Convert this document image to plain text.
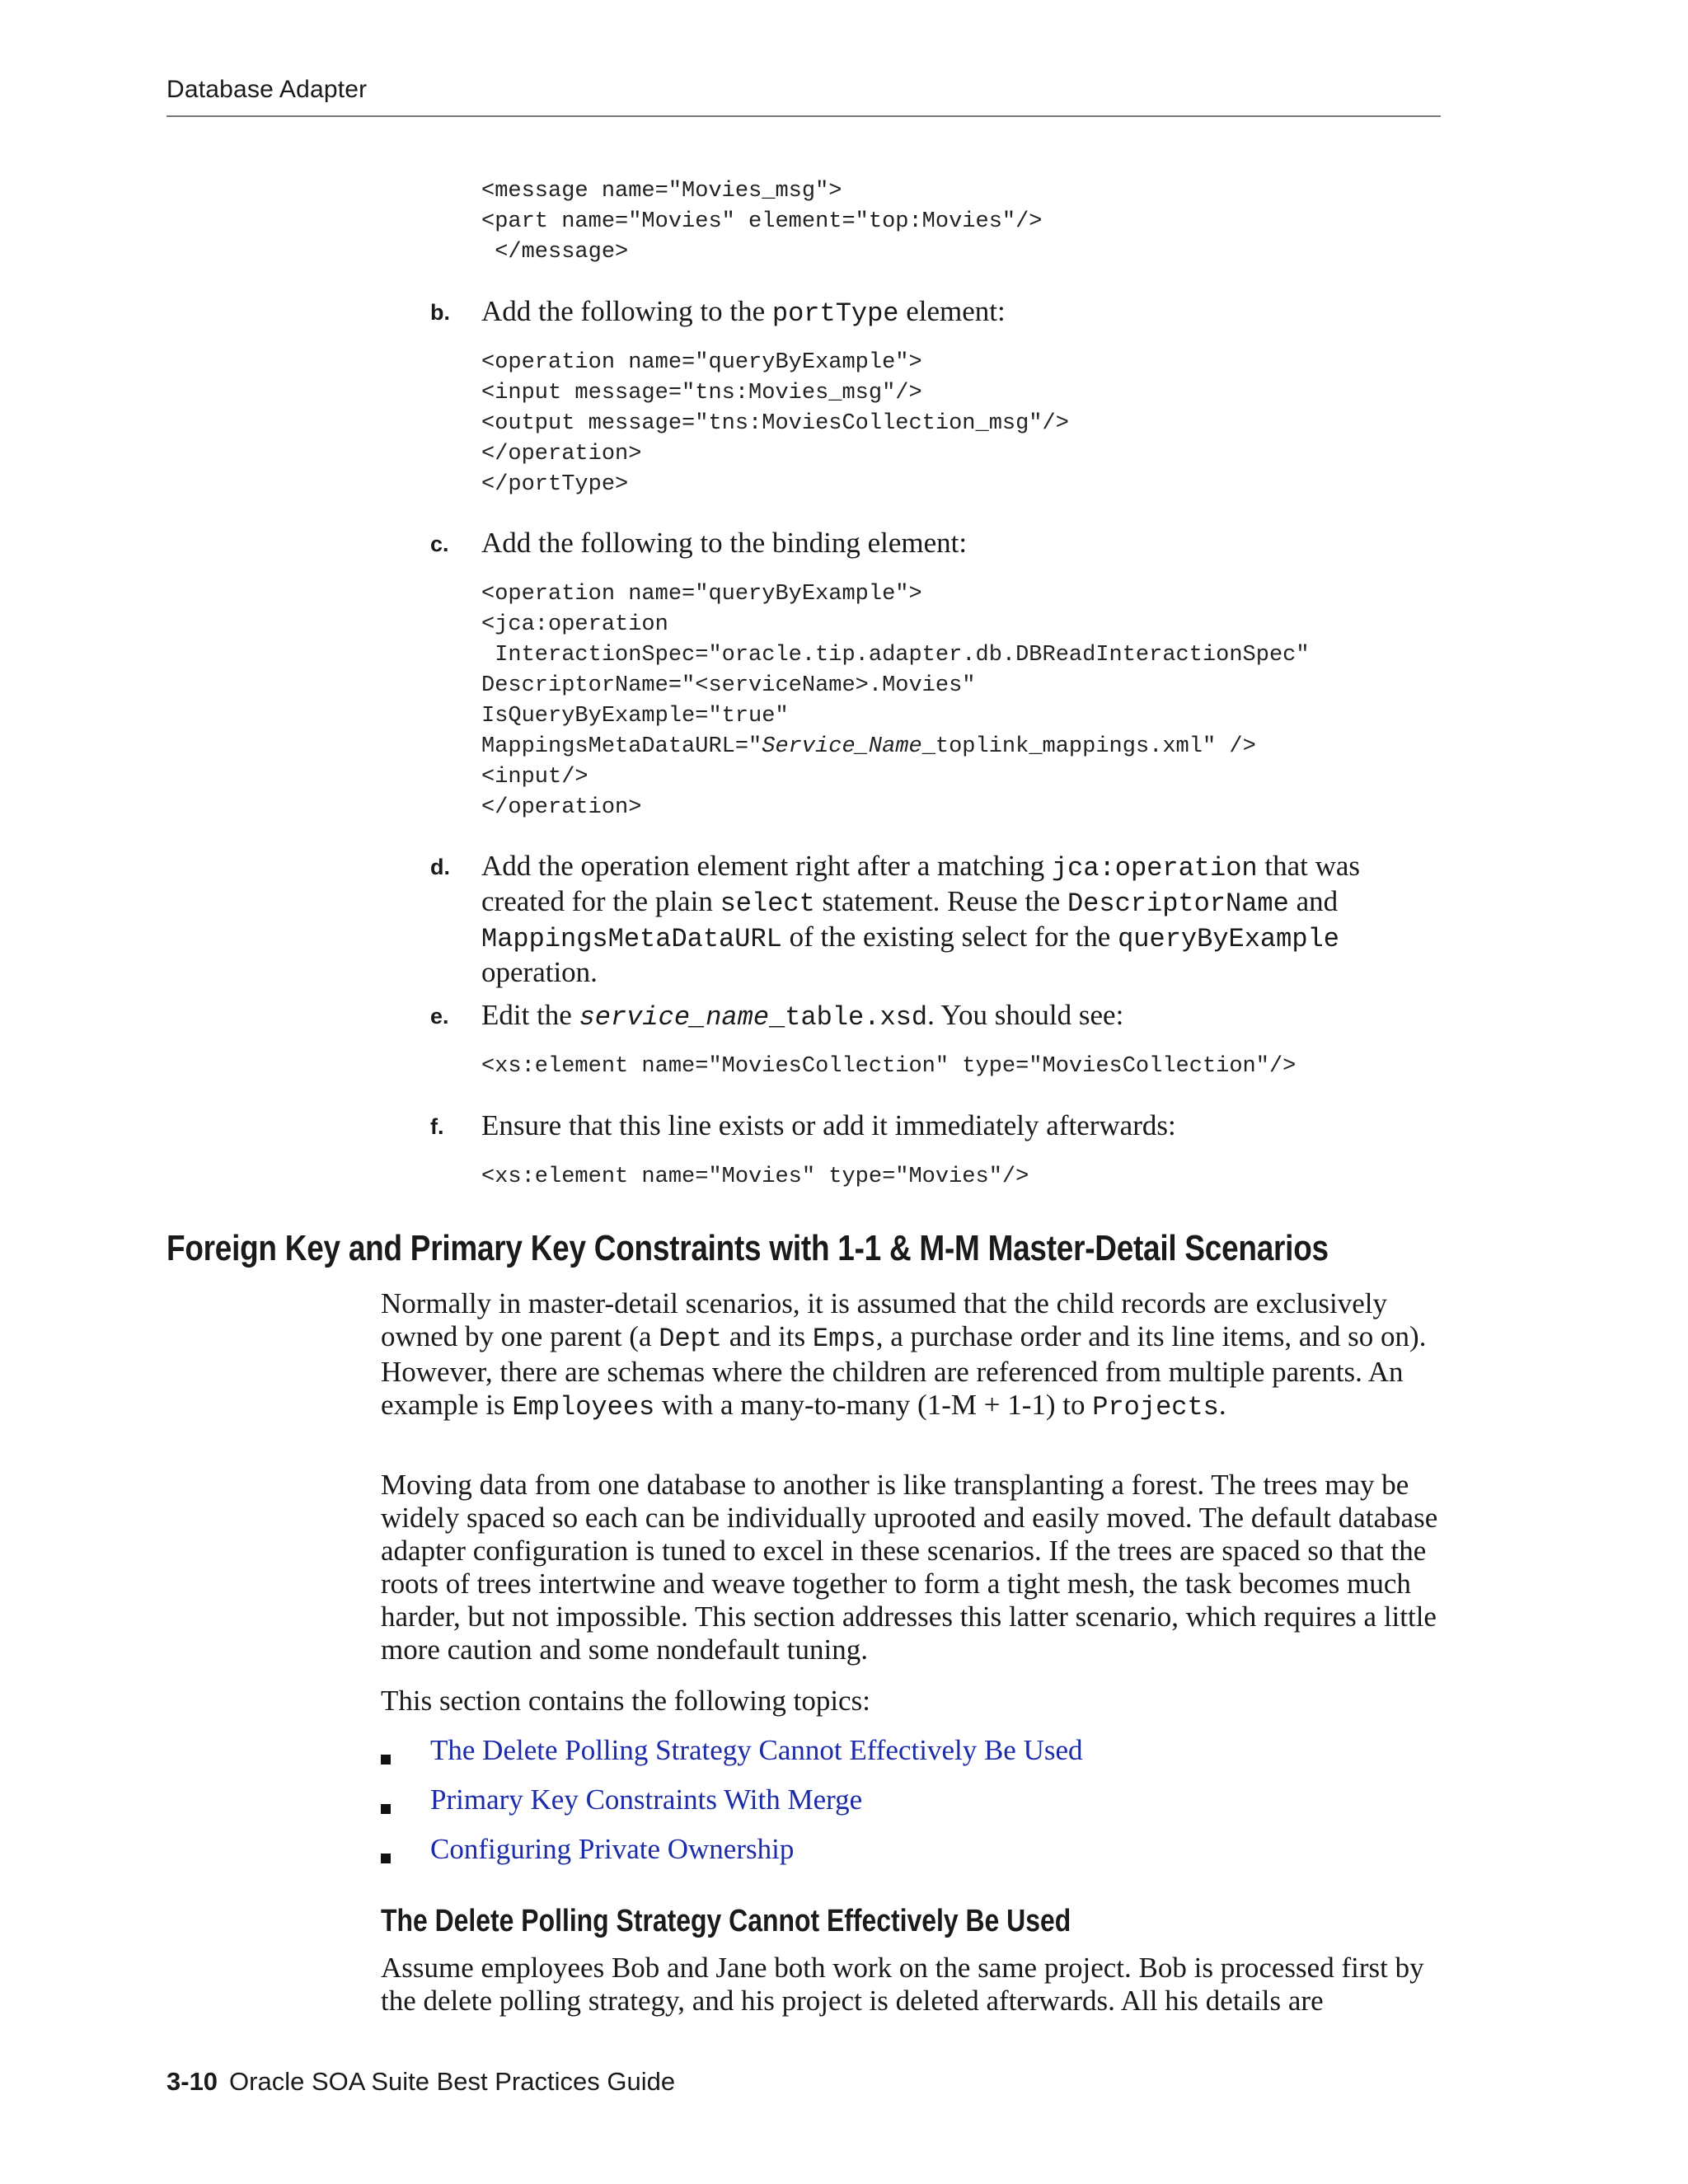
Database Adapter
<message name="Movies_msg">
<part name="Movies" element="top:Movies"/>
</message>
b. Add the following to the portType element:
<operation name="queryByExample">
<input message="tns:Movies_msg"/>
<output message="tns:MoviesCollection_msg"/>
</operation>
</portType>
c. Add the following to the binding element:
<operation name="queryByExample">
<jca:operation
InteractionSpec="oracle.tip.adapter.db.DBReadInteractionSpec"
DescriptorName="<serviceName>.Movies"
IsQueryByExample="true"
MappingsMetaDataURL="Service_Name_toplink_mappings.xml" />
<input/>
</operation>
d. Add the operation element right after a matching jca:operation that was created for the plain select statement. Reuse the DescriptorName and MappingsMetaDataURL of the existing select for the queryByExample operation.
e. Edit the service_name_table.xsd. You should see:
<xs:element name="MoviesCollection" type="MoviesCollection"/>
f. Ensure that this line exists or add it immediately afterwards:
<xs:element name="Movies" type="Movies"/>
Foreign Key and Primary Key Constraints with 1-1 & M-M Master-Detail Scenarios

Normally in master-detail scenarios, it is assumed that the child records are exclusively owned by one parent (a Dept and its Emps, a purchase order and its line items, and so on). However, there are schemas where the children are referenced from multiple parents. An example is Employees with a many-to-many (1-M + 1-1) to Projects.

Moving data from one database to another is like transplanting a forest. The trees may be widely spaced so each can be individually uprooted and easily moved. The default database adapter configuration is tuned to excel in these scenarios. If the trees are spaced so that the roots of trees intertwine and weave together to form a tight mesh, the task becomes much harder, but not impossible. This section addresses this latter scenario, which requires a little more caution and some nondefault tuning.

This section contains the following topics:

The Delete Polling Strategy Cannot Effectively Be Used
Primary Key Constraints With Merge
Configuring Private Ownership
The Delete Polling Strategy Cannot Effectively Be Used

Assume employees Bob and Jane both work on the same project. Bob is processed first by the delete polling strategy, and his project is deleted afterwards. All his details are

3-10 Oracle SOA Suite Best Practices Guide
